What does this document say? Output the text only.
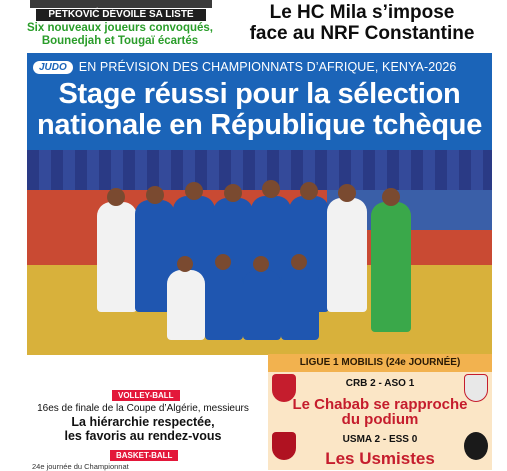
PETKOVIĆ DÉVOILE SA LISTE
Six nouveaux joueurs convoqués,
Bounedjah et Tougaï écartés
Le HC Mila s’impose
face au NRF Constantine
JUDO EN PRÉVISION DES CHAMPIONNATS D’AFRIQUE, KENYA-2026
Stage réussi pour la sélection
nationale en République tchèque
LIGUE 1 MOBILIS (24e JOURNÉE)
CRB 2 - ASO 1
Le Chabab se rapproche
du podium
USMA 2 - ESS 0
Les Usmistes
VOLLEY-BALL
16es de finale de la Coupe d’Algérie, messieurs
La hiérarchie respectée,
les favoris au rendez-vous
BASKET-BALL
24e journée du Championnat
